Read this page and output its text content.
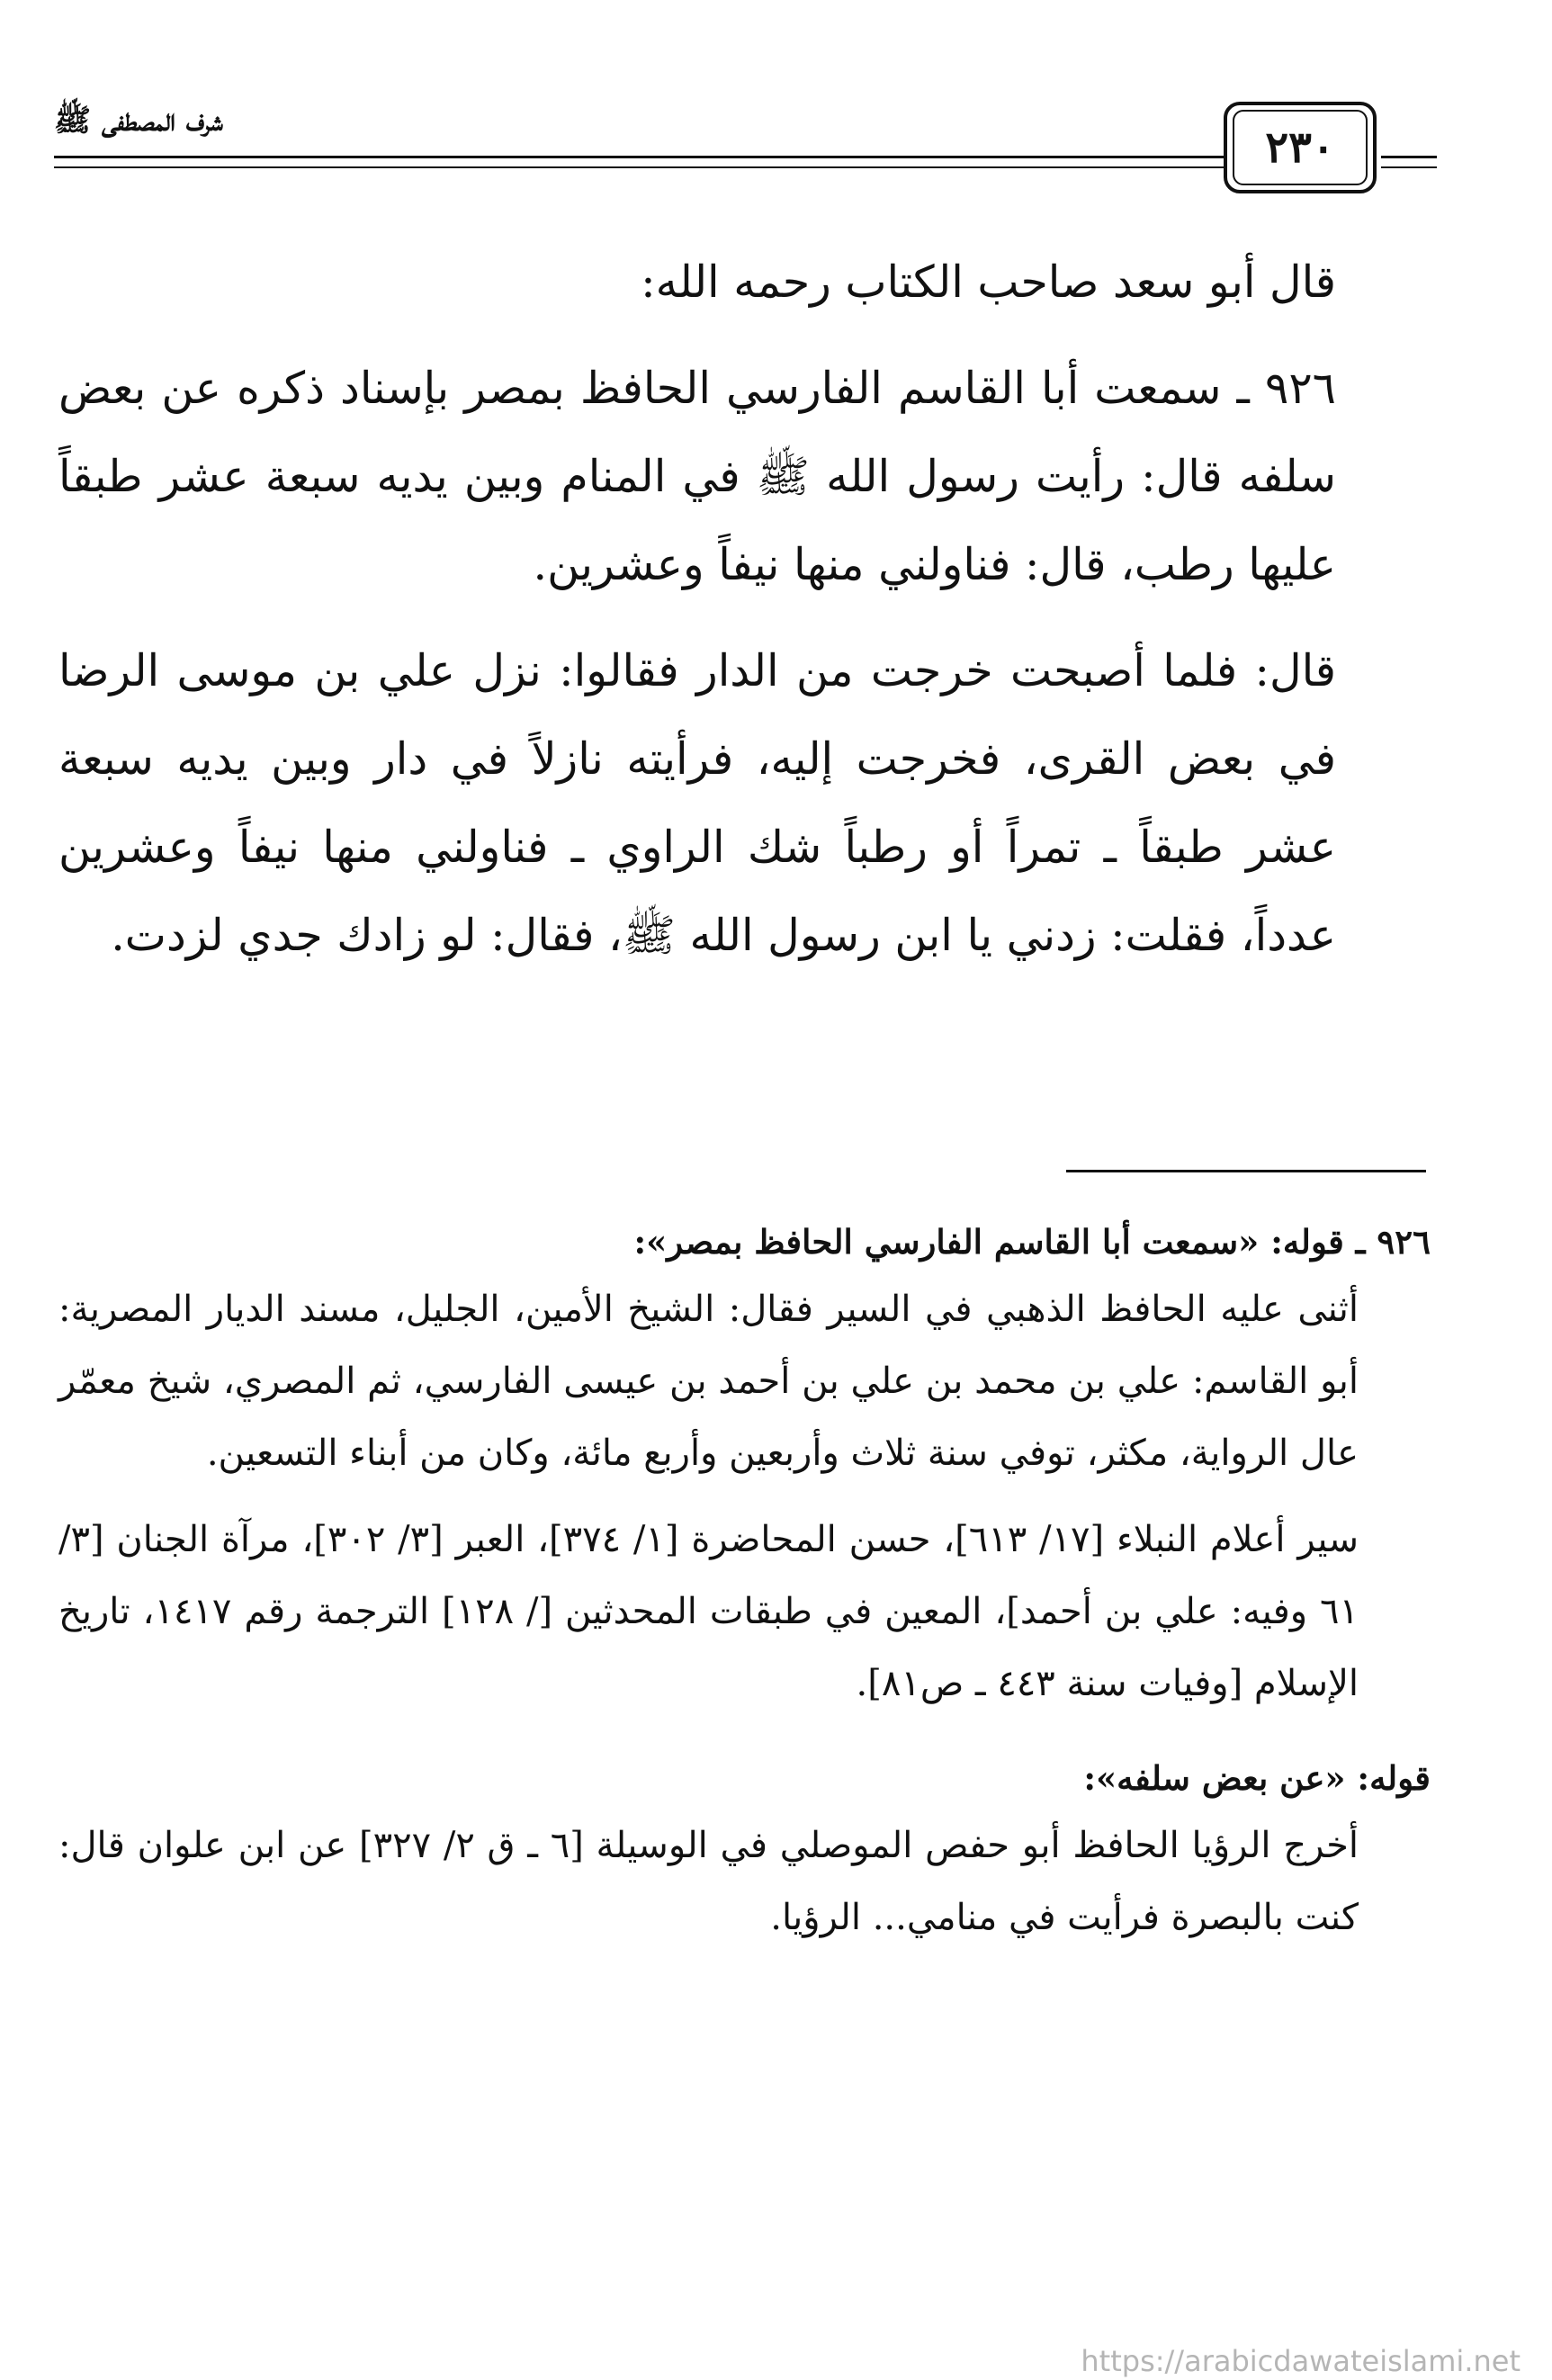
شرف المصطفى ﷺ
٢٣٠

قال أبو سعد صاحب الكتاب رحمه الله:

٩٢٦ ـ سمعت أبا القاسم الفارسي الحافظ بمصر بإسناد ذكره عن بعض سلفه قال: رأيت رسول الله ﷺ في المنام وبين يديه سبعة عشر طبقاً عليها رطب، قال: فناولني منها نيفاً وعشرين.

قال: فلما أصبحت خرجت من الدار فقالوا: نزل علي بن موسى الرضا في بعض القرى، فخرجت إليه، فرأيته نازلاً في دار وبين يديه سبعة عشر طبقاً ـ تمراً أو رطباً شك الراوي ـ فناولني منها نيفاً وعشرين عدداً، فقلت: زدني يا ابن رسول الله ﷺ، فقال: لو زادك جدي لزدت.

٩٢٦ ـ قوله: «سمعت أبا القاسم الفارسي الحافظ بمصر»:

أثنى عليه الحافظ الذهبي في السير فقال: الشيخ الأمين، الجليل، مسند الديار المصرية: أبو القاسم: علي بن محمد بن علي بن أحمد بن عيسى الفارسي، ثم المصري، شيخ معمّر عال الرواية، مكثر، توفي سنة ثلاث وأربعين وأربع مائة، وكان من أبناء التسعين.

سير أعلام النبلاء [١٧/ ٦١٣]، حسن المحاضرة [١/ ٣٧٤]، العبر [٣/ ٣٠٢]، مرآة الجنان [٣/ ٦١ وفيه: علي بن أحمد]، المعين في طبقات المحدثين [/ ١٢٨] الترجمة رقم ١٤١٧، تاريخ الإسلام [وفيات سنة ٤٤٣ ـ ص٨١].

قوله: «عن بعض سلفه»:

أخرج الرؤيا الحافظ أبو حفص الموصلي في الوسيلة [٦ ـ ق ٢/ ٣٢٧] عن ابن علوان قال: كنت بالبصرة فرأيت في منامي... الرؤيا.

https://arabicdawateislami.net
